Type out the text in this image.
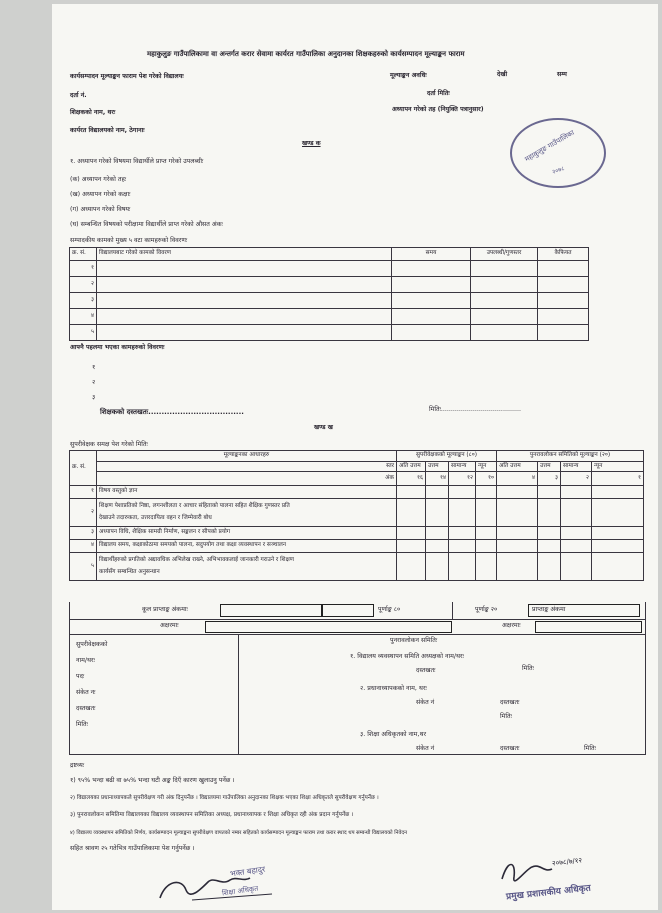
महाकुलुङ गाउँपालिकामा वा अन्तर्गत करार सेवामा कार्यरत गाउँपालिका अनुदानका शिक्षकहरुको कार्यसम्पादन मूल्याङ्कन फाराम
कार्यसम्पादन मूल्याङ्कन फाराम पेश गरेको विद्यालयः	मूल्याङ्कन अवधिः	देखी	सम्म
दर्ता नं.	दर्ता मितिः
शिक्षकको नाम, थरः	अध्यापन गरेको तह (नियुक्ति पत्रानुसार)
कार्यरत विद्यालयको नाम, ठेगानाः	महाकुलुङ गाउँपालिका
२०७८
खण्ड क
१. अध्यापन गरेको विषयमा विद्यार्थीले प्राप्त गरेको उपलब्धीः
(क) अध्यापन गरेको तहः
(ख) अध्यापन गरेको कक्षाः
(ग) अध्यापन गरेको विषयः
(घ) सम्बन्धित विषयको परीक्षामा विद्यार्थीले प्राप्त गरेको औसत अंकः
सम्पादकीय कामको मुख्य ५ वटा कामहरुको विवरणः
क्र. सं.	विद्यालयबाट गरेको कामको विवरण	समय	उपलब्धी/गुणस्तर	कैफियत
१				
२				
३				
४				
५				
आफ्नै पहलमा भएका कामहरुको विवरणः
१
२
३
शिक्षकको दस्तखतः....................................	मितिः........................................
खण्ड ख
सुपरीवेक्षक समक्ष पेश गरेको मितिः
क्र. सं.	मूल्याङ्कनका आधारहरु	सुपरीवेक्षकको मूल्याङ्कन (८०)				पुनरावलोकन समितिको मूल्याङ्कन (२०)			
	स्तर	अति उत्तम	उत्तम	सामान्य	न्यून	अति उत्तम	उत्तम	सामान्य	न्यून
	अंक	१६	१४	१२	१०	४	३	२	१
१	विषय वस्तुको ज्ञान								
२	शिक्षण पेशाप्रतिको निष्ठा, लगनशीलता र आचार संहिताको पालना सहित शैक्षिक गुणस्तर प्रति
देखाउने तदारुकता, उत्तरदायित्व वहन र जिम्मेवारी बोध								

३	अध्यापन विधि, शैक्षिक सामग्री निर्माण, सङ्कलन र सीपको प्रयोग								
४	विद्यालय समय, कक्षाकोठामा समयको पालना, सदुपयोग तथा कक्षा व्यवस्थापन र सञ्चालन								
५	विद्यार्थीहरुको प्रगतिको अद्यावधिक अभिलेख राख्ने, अभिभावकलाई जानकारी गराउने र शिक्षण
कार्यसँग सम्बन्धित अनुसन्धान								

कूल प्राप्ताङ्क अंकमाः	पूर्णाङ्क ८०	पूर्णाङ्क २०	प्राप्ताङ्क अंकमा
अक्षरमाः	अक्षरमाः
सुपरीवेक्षकको
नाम/थरः
पदः
संकेत नः
दस्तखतः
मितिः
पुनरावलोकन समितिः
१. विद्यालय व्यवस्थापन समिति अध्यक्षको नाम/थरः
दस्तखतः	मितिः
२. प्रधानाध्यापकको नाम, थरः
संकेत नं	दस्तखतः
मितिः
३. शिक्षा अधिकृतको नाम,थर
संकेत नं	दस्तखतः	मितिः
द्रष्टव्यः
१) ९५% भन्दा बढी वा ७५% भन्दा घटी अङ्क दिएँ कारण खुलाउनु पर्नेछ ।
२) विद्यालयका प्रधानाध्यापकले सुपरीवेक्षण गरी अंक दिनुपर्नेछ । विद्यालयमा गाउँपालिका अनुदानका शिक्षक भएका शिक्षा अधिकृतले सुपरीवेक्षण गर्नुपर्नेछ ।
३) पुनरावलोकन समितिमा विद्यालयका विद्यालय व्यवस्थापन समितिका अध्यक्ष, प्रधानाध्यापक र शिक्षा अधिकृत रही अंक प्रदान गर्नुपर्नेछ ।
४) विद्यालय व्यवस्थापन समितिको निर्णय, कार्यसम्पादन मूल्याङ्कना सुपरीवेक्षण वापतको नम्बर सहितको कार्यसम्पादन मूल्याङ्कन फाराम तथा करार स्थाद थप सम्बन्धी विद्यालयको निवेदन
सहित श्रावण २५ गतेभित्र गाउँपालिकामा पेश गर्नुपर्नेछ ।
भक्त बहादुर
शिक्षा अधिकृत
२०७८/७/१२
प्रमुख प्रशासकीय अधिकृत
